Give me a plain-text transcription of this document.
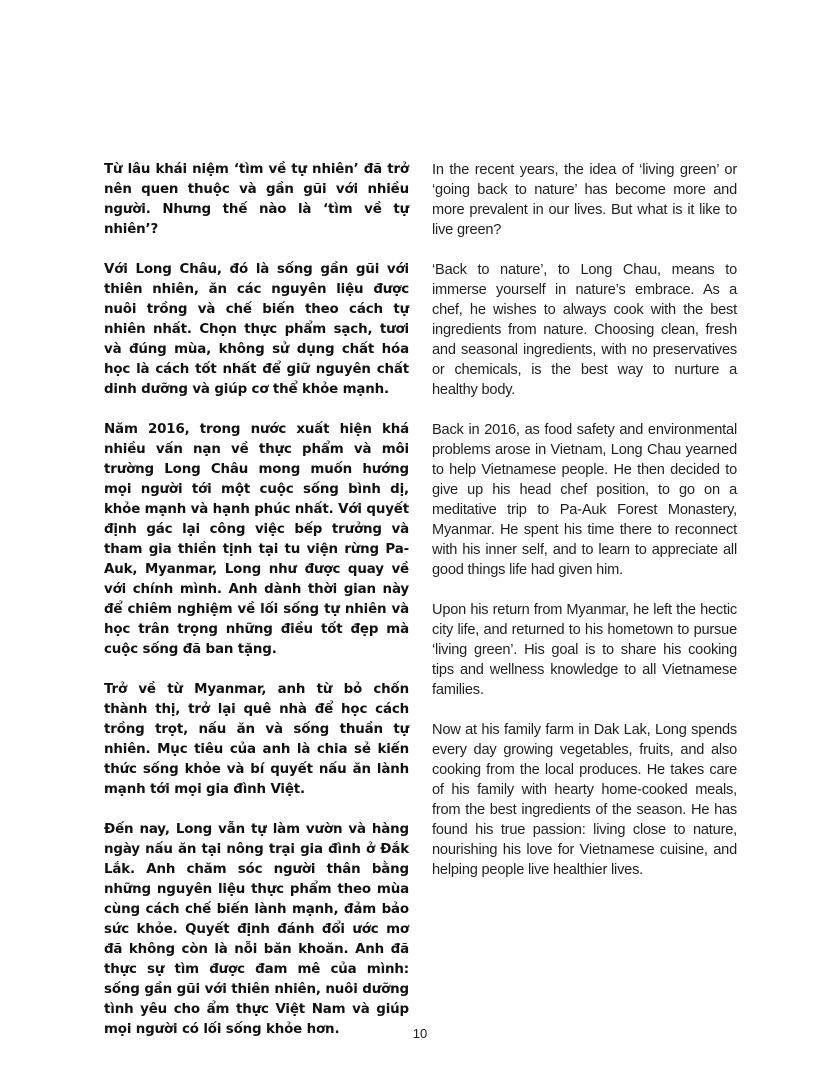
Từ lâu khái niệm ‘tìm về tự nhiên’ đã trở nên quen thuộc và gần gũi với nhiều người. Nhưng thế nào là ‘tìm về tự nhiên’?

Với Long Châu, đó là sống gần gũi với thiên nhiên, ăn các nguyên liệu được nuôi trồng và chế biến theo cách tự nhiên nhất. Chọn thực phẩm sạch, tươi và đúng mùa, không sử dụng chất hóa học là cách tốt nhất để giữ nguyên chất dinh dưỡng và giúp cơ thể khỏe mạnh.

Năm 2016, trong nước xuất hiện khá nhiều vấn nạn về thực phẩm và môi trường Long Châu mong muốn hướng mọi người tới một cuộc sống bình dị, khỏe mạnh và hạnh phúc nhất. Với quyết định gác lại công việc bếp trưởng và tham gia thiền tịnh tại tu viện rừng Pa-Auk, Myanmar, Long như được quay về với chính mình. Anh dành thời gian này để chiêm nghiệm về lối sống tự nhiên và học trân trọng những điều tốt đẹp mà cuộc sống đã ban tặng.

Trở về từ Myanmar, anh từ bỏ chốn thành thị, trở lại quê nhà để học cách trồng trọt, nấu ăn và sống thuần tự nhiên. Mục tiêu của anh là chia sẻ kiến thức sống khỏe và bí quyết nấu ăn lành mạnh tới mọi gia đình Việt.

Đến nay, Long vẫn tự làm vườn và hàng ngày nấu ăn tại nông trại gia đình ở Đắk Lắk. Anh chăm sóc người thân bằng những nguyên liệu thực phẩm theo mùa cùng cách chế biến lành mạnh, đảm bảo sức khỏe. Quyết định đánh đổi ước mơ đã không còn là nỗi băn khoăn. Anh đã thực sự tìm được đam mê của mình: sống gần gũi với thiên nhiên, nuôi dưỡng tình yêu cho ẩm thực Việt Nam và giúp mọi người có lối sống khỏe hơn.

In the recent years, the idea of ‘living green’ or ‘going back to nature’ has become more and more prevalent in our lives. But what is it like to live green?

‘Back to nature’, to Long Chau, means to immerse yourself in nature’s embrace. As a chef, he wishes to always cook with the best ingredients from nature. Choosing clean, fresh and seasonal ingredients, with no preservatives or chemicals, is the best way to nurture a healthy body.

Back in 2016, as food safety and environmental problems arose in Vietnam, Long Chau yearned to help Vietnamese people. He then decided to give up his head chef position, to go on a meditative trip to Pa-Auk Forest Monastery, Myanmar. He spent his time there to reconnect with his inner self, and to learn to appreciate all good things life had given him.

Upon his return from Myanmar, he left the hectic city life, and returned to his hometown to pursue ‘living green’. His goal is to share his cooking tips and wellness knowledge to all Vietnamese families.

Now at his family farm in Dak Lak, Long spends every day growing vegetables, fruits, and also cooking from the local produces. He takes care of his family with hearty home-cooked meals, from the best ingredients of the season. He has found his true passion: living close to nature, nourishing his love for Vietnamese cuisine, and helping people live healthier lives.

10
